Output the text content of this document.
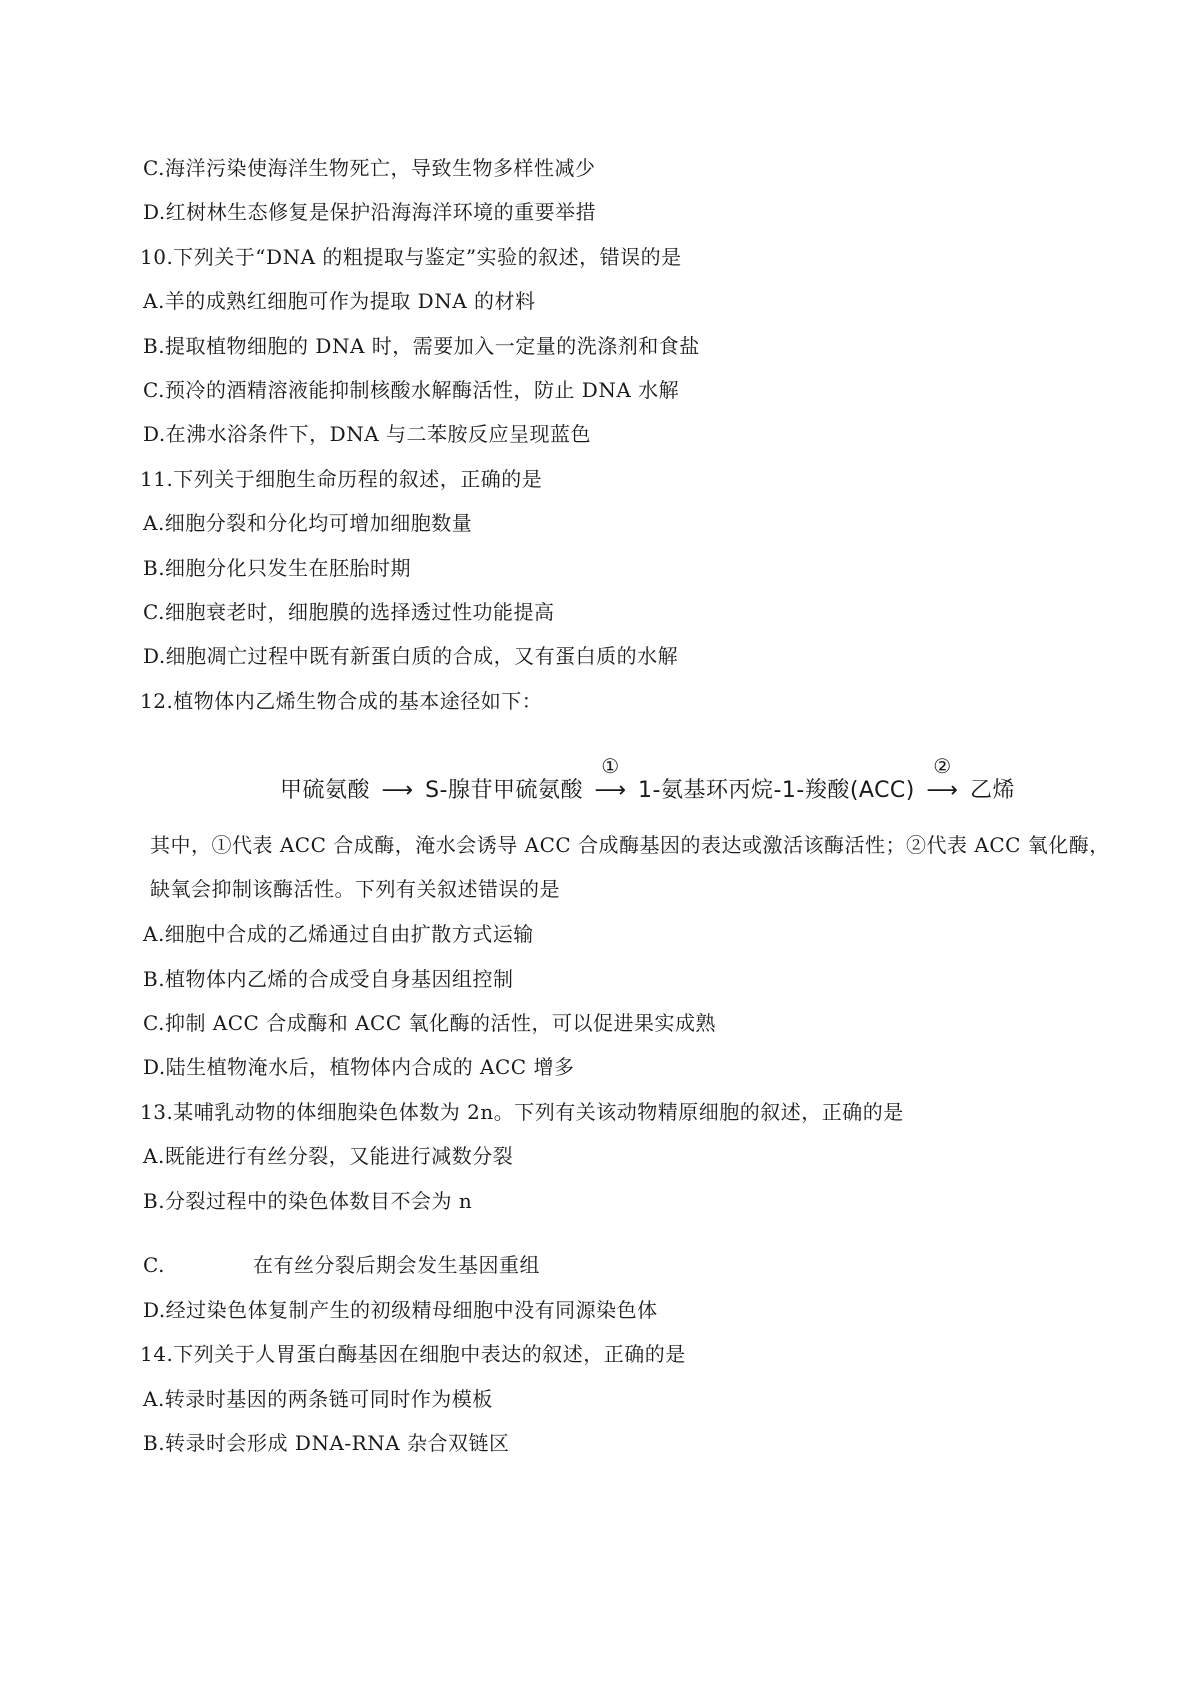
C.海洋污染使海洋生物死亡，导致生物多样性减少
D.红树林生态修复是保护沿海海洋环境的重要举措
10.下列关于“DNA 的粗提取与鉴定”实验的叙述，错误的是
A.羊的成熟红细胞可作为提取 DNA 的材料
B.提取植物细胞的 DNA 时，需要加入一定量的洗涤剂和食盐
C.预冷的酒精溶液能抑制核酸水解酶活性，防止 DNA 水解
D.在沸水浴条件下，DNA 与二苯胺反应呈现蓝色
11.下列关于细胞生命历程的叙述，正确的是
A.细胞分裂和分化均可增加细胞数量
B.细胞分化只发生在胚胎时期
C.细胞衰老时，细胞膜的选择透过性功能提高
D.细胞凋亡过程中既有新蛋白质的合成，又有蛋白质的水解
12.植物体内乙烯生物合成的基本途径如下：
甲硫氨酸 ⟶ S-腺苷甲硫氨酸
①
⟶ 1-氨基环丙烷-1-羧酸(ACC)
②
⟶ 乙烯
其中，①代表 ACC 合成酶，淹水会诱导 ACC 合成酶基因的表达或激活该酶活性；②代表 ACC 氧化酶，
缺氧会抑制该酶活性。下列有关叙述错误的是
A.细胞中合成的乙烯通过自由扩散方式运输
B.植物体内乙烯的合成受自身基因组控制
C.抑制 ACC 合成酶和 ACC 氧化酶的活性，可以促进果实成熟
D.陆生植物淹水后，植物体内合成的 ACC 增多
13.某哺乳动物的体细胞染色体数为 2n。下列有关该动物精原细胞的叙述，正确的是
A.既能进行有丝分裂，又能进行减数分裂
B.分裂过程中的染色体数目不会为 n
C.	在有丝分裂后期会发生基因重组
D.经过染色体复制产生的初级精母细胞中没有同源染色体
14.下列关于人胃蛋白酶基因在细胞中表达的叙述，正确的是
A.转录时基因的两条链可同时作为模板
B.转录时会形成 DNA-RNA 杂合双链区
